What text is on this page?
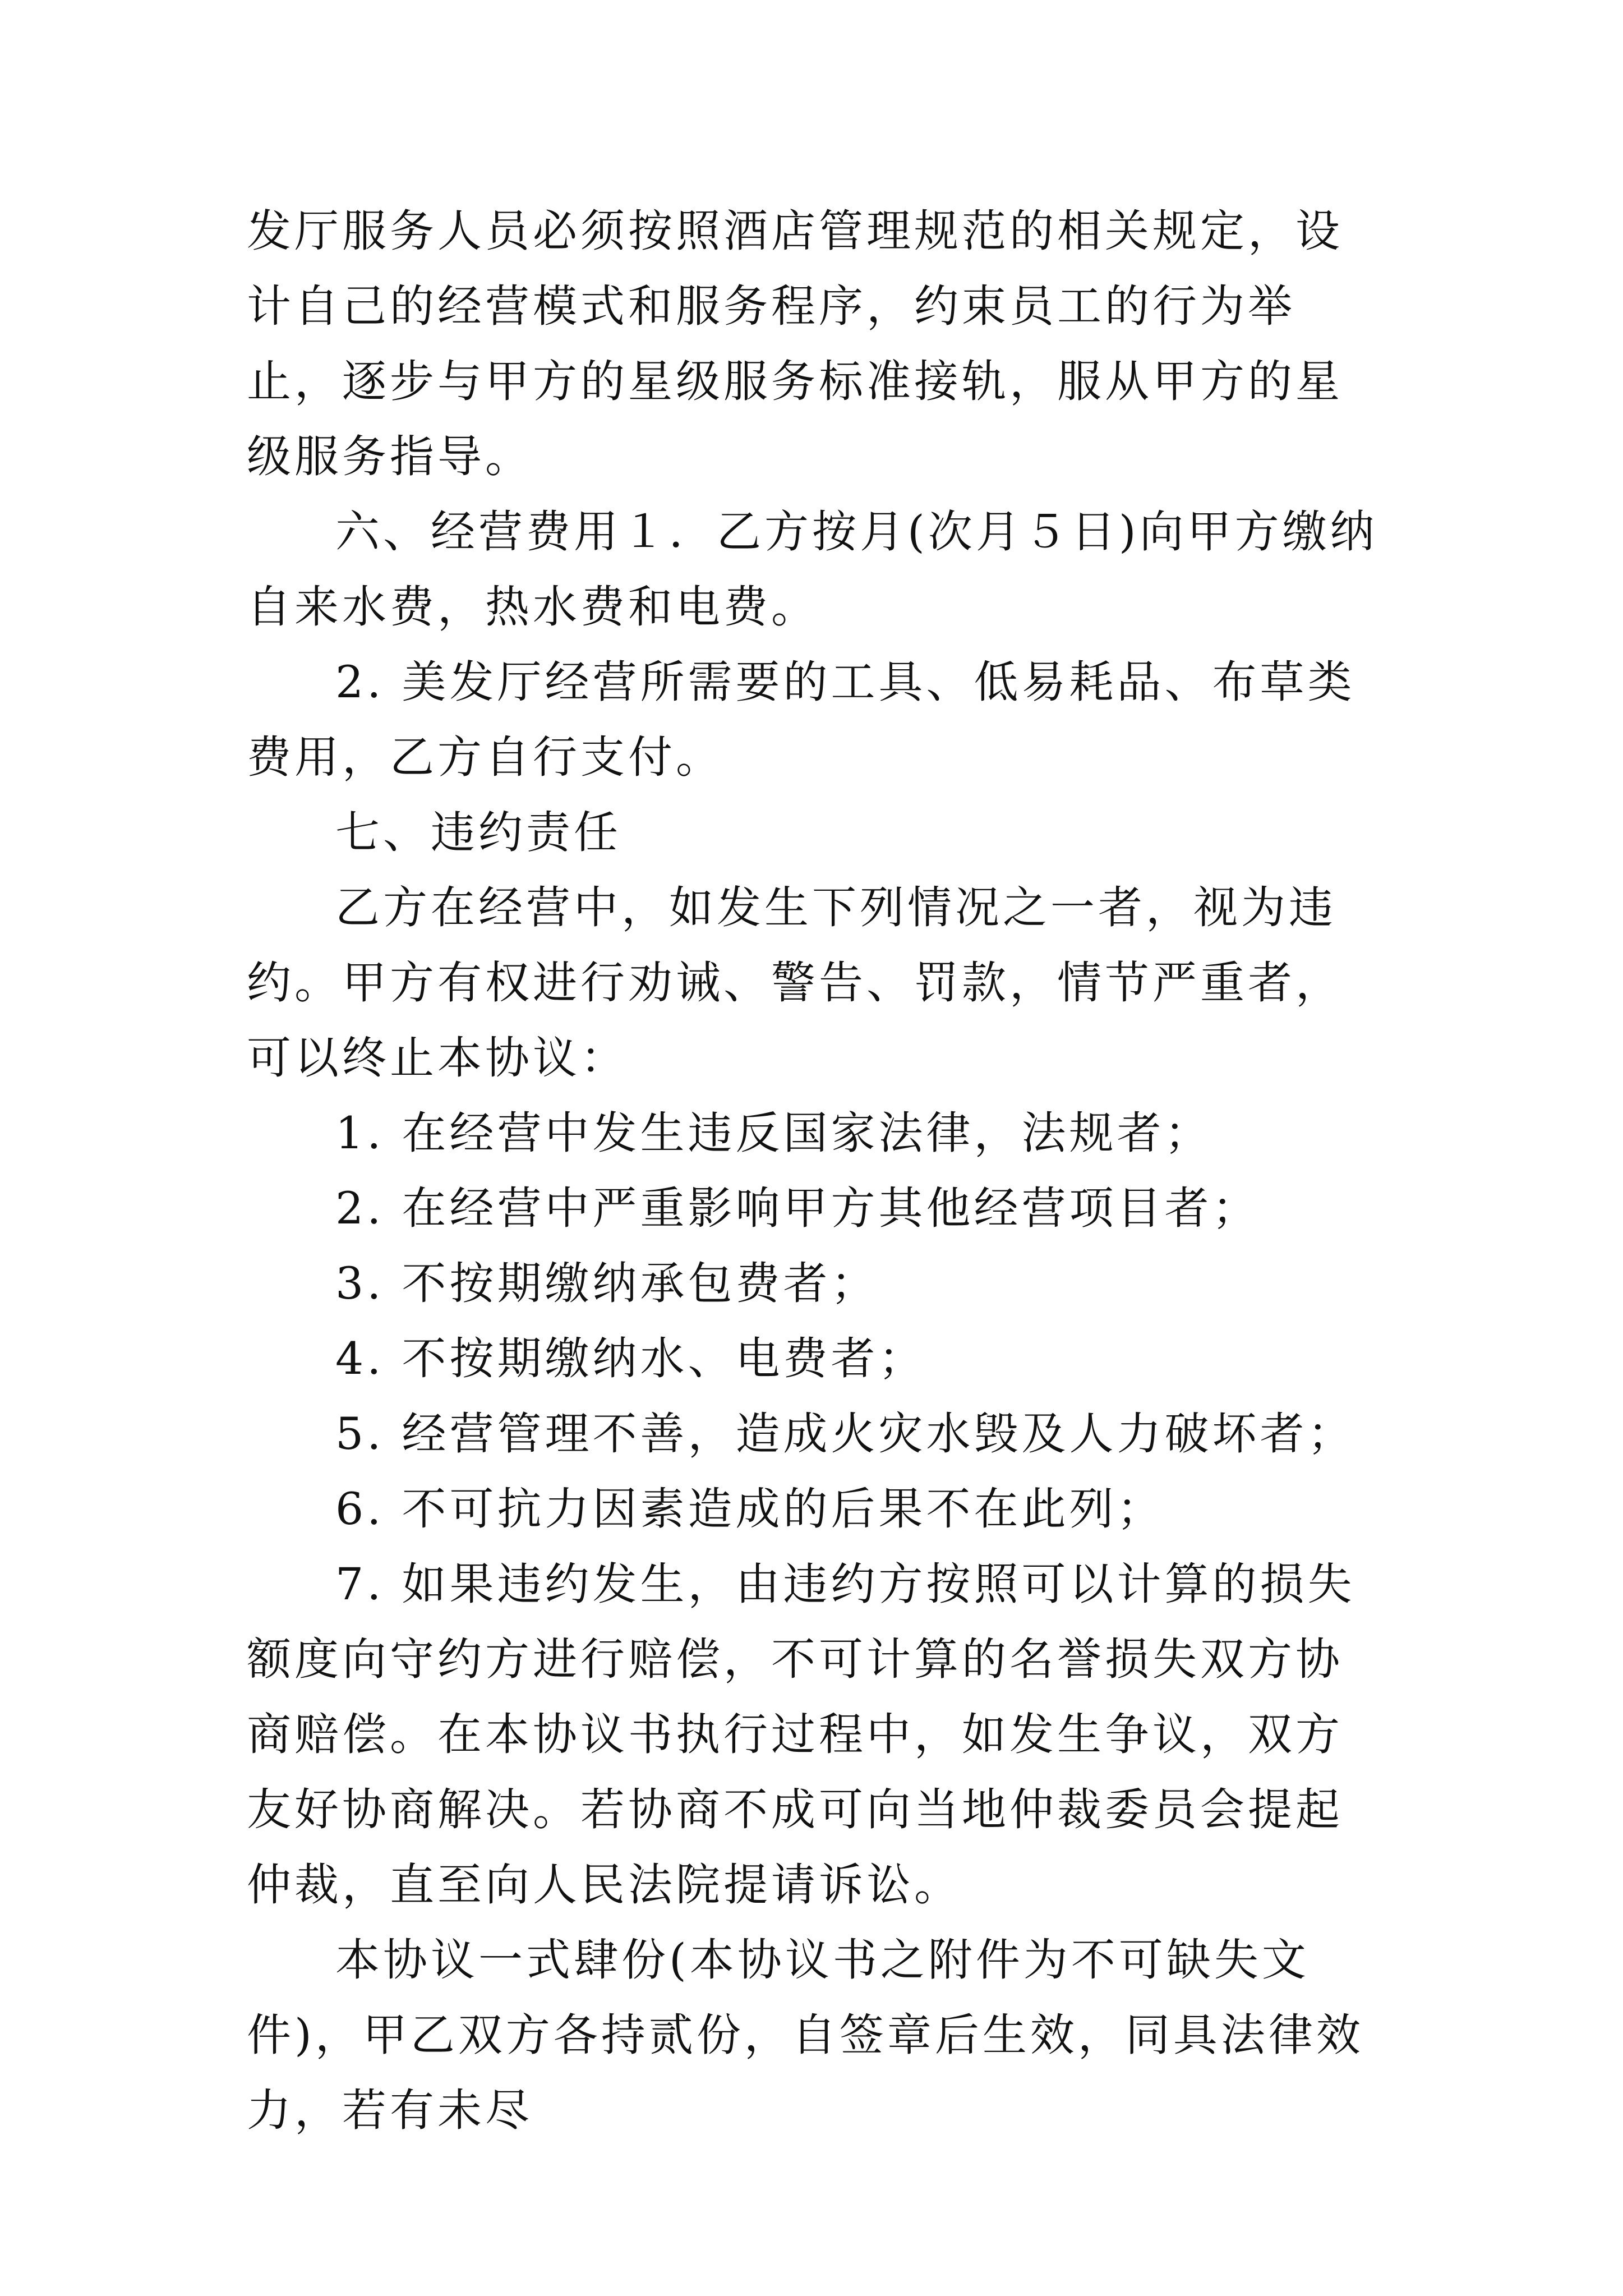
发厅服务人员必须按照酒店管理规范的相关规定，设计自己的经营模式和服务程序，约束员工的行为举止，逐步与甲方的星级服务标准接轨，服从甲方的星级服务指导。

六、经营费用１．乙方按月(次月５日)向甲方缴纳自来水费，热水费和电费。

2. 美发厅经营所需要的工具、低易耗品、布草类费用，乙方自行支付。

七、违约责任

乙方在经营中，如发生下列情况之一者，视为违约。甲方有权进行劝诫、警告、罚款，情节严重者，可以终止本协议：

1. 在经营中发生违反国家法律，法规者；

2. 在经营中严重影响甲方其他经营项目者；

3. 不按期缴纳承包费者；

4. 不按期缴纳水、电费者；

5. 经营管理不善，造成火灾水毁及人力破坏者；

6. 不可抗力因素造成的后果不在此列；

7. 如果违约发生，由违约方按照可以计算的损失额度向守约方进行赔偿，不可计算的名誉损失双方协商赔偿。在本协议书执行过程中，如发生争议，双方友好协商解决。若协商不成可向当地仲裁委员会提起仲裁，直至向人民法院提请诉讼。

本协议一式肆份(本协议书之附件为不可缺失文件)，甲乙双方各持贰份，自签章后生效，同具法律效力，若有未尽
